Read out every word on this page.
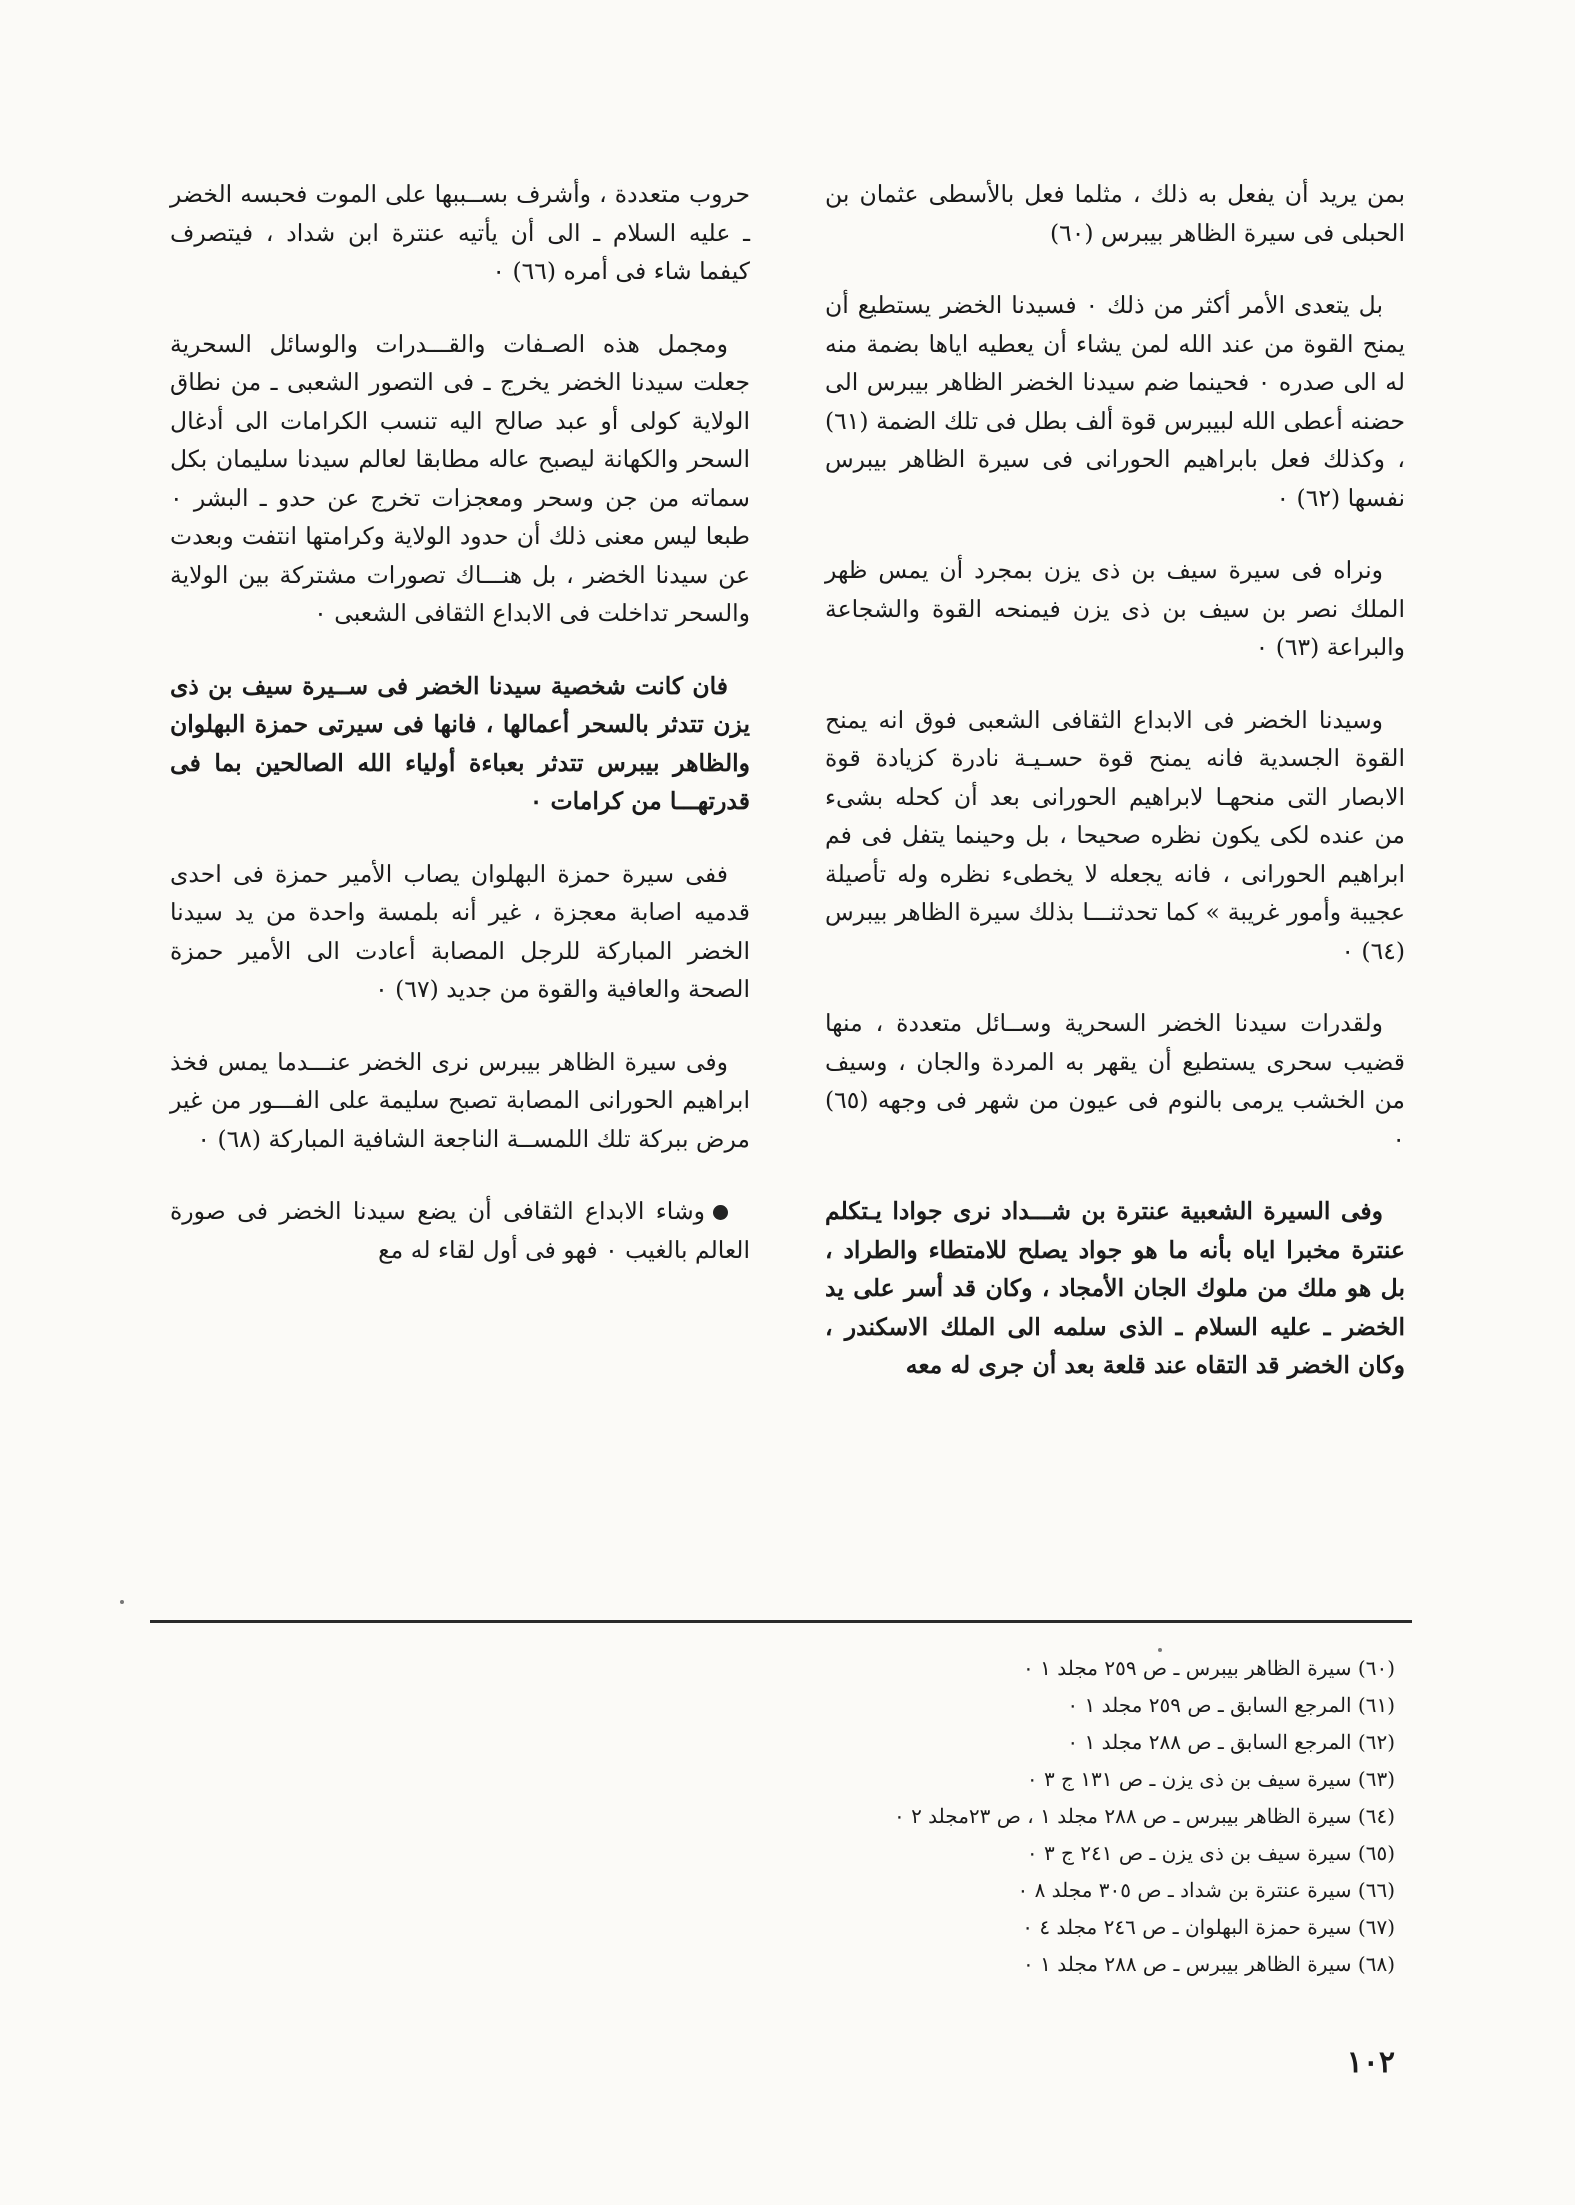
بمن يريد أن يفعل به ذلك ، مثلما فعل بالأسطى عثمان بن الحبلى فى سيرة الظاهر بيبرس (٦٠)

بل يتعدى الأمر أكثر من ذلك ٠ فسيدنا الخضر يستطيع أن يمنح القوة من عند الله لمن يشاء أن يعطيه اياها بضمة منه له الى صدره ٠ فحينما ضم سيدنا الخضر الظاهر بيبرس الى حضنه أعطى الله لبيبرس قوة ألف بطل فى تلك الضمة (٦١) ، وكذلك فعل بابراهيم الحورانى فى سيرة الظاهر بيبرس نفسها (٦٢) ٠

ونراه فى سيرة سيف بن ذى يزن بمجرد أن يمس ظهر الملك نصر بن سيف بن ذى يزن فيمنحه القوة والشجاعة والبراعة (٦٣) ٠

وسيدنا الخضر فى الابداع الثقافى الشعبى فوق انه يمنح القوة الجسدية فانه يمنح قوة حسـيـة نادرة كزيادة قوة الابصار التى منحهـا لابراهيم الحورانى بعد أن كحله بشىء من عنده لكى يكون نظره صحيحا ، بل وحينما يتفل فى فم ابراهيم الحورانى ، فانه يجعله لا يخطىء نظره وله تأصيلة عجيبة وأمور غريبة » كما تحدثنـــا بذلك سيرة الظاهر بيبرس (٦٤) ٠

ولقدرات سيدنا الخضر السحرية وســائل متعددة ، منها قضيب سحرى يستطيع أن يقهر به المردة والجان ، وسيف من الخشب يرمى بالنوم فى عيون من شهر فى وجهه (٦٥) ٠

وفى السيرة الشعبية عنترة بن شـــداد نرى جوادا يـتكلم عنترة مخبرا اياه بأنه ما هو جواد يصلح للامتطاء والطراد ، بل هو ملك من ملوك الجان الأمجاد ، وكان قد أسر على يد الخضر ـ عليه السلام ـ الذى سلمه الى الملك الاسكندر ، وكان الخضر قد التقاه عند قلعة بعد أن جرى له معه

حروب متعددة ، وأشرف بســببها على الموت فحبسه الخضر ـ عليه السلام ـ الى أن يأتيه عنترة ابن شداد ، فيتصرف كيفما شاء فى أمره (٦٦) ٠

ومجمل هذه الصـفات والقـــدرات والوسائل السحرية جعلت سيدنا الخضر يخرج ـ فى التصور الشعبى ـ من نطاق الولاية كولى أو عبد صالح اليه تنسب الكرامات الى أدغال السحر والكهانة ليصبح عاله مطابقا لعالم سيدنا سليمان بكل سماته من جن وسحر ومعجزات تخرج عن حدو ـ البشر ٠ طبعا ليس معنى ذلك أن حدود الولاية وكرامتها انتفت وبعدت عن سيدنا الخضر ، بل هنـــاك تصورات مشتركة بين الولاية والسحر تداخلت فى الابداع الثقافى الشعبى ٠

فان كانت شخصية سيدنا الخضر فى ســيرة سيف بن ذى يزن تتدثر بالسحر أعمالها ، فانها فى سيرتى حمزة البهلوان والظاهر بيبرس تتدثر بعباءة أولياء الله الصالحين بما فى قدرتهـــا من كرامات ٠

ففى سيرة حمزة البهلوان يصاب الأمير حمزة فى احدى قدميه اصابة معجزة ، غير أنه بلمسة واحدة من يد سيدنا الخضر المباركة للرجل المصابة أعادت الى الأمير حمزة الصحة والعافية والقوة من جديد (٦٧) ٠

وفى سيرة الظاهر بيبرس نرى الخضر عنـــدما يمس فخذ ابراهيم الحورانى المصابة تصبح سليمة على الفـــور من غير مرض ببركة تلك اللمســة الناجعة الشافية المباركة (٦٨) ٠

وشاء الابداع الثقافى أن يضع سيدنا الخضر فى صورة العالم بالغيب ٠ فهو فى أول لقاء له مع

(٦٠) سيرة الظاهر بيبرس ـ ص ٢٥٩ مجلد ١ ٠
(٦١) المرجع السابق ـ ص ٢٥٩ مجلد ١ ٠
(٦٢) المرجع السابق ـ ص ٢٨٨ مجلد ١ ٠
(٦٣) سيرة سيف بن ذى يزن ـ ص ١٣١ ج ٣ ٠
(٦٤) سيرة الظاهر بيبرس ـ ص ٢٨٨ مجلد ١ ، ص ٢٣مجلد ٢ ٠
(٦٥) سيرة سيف بن ذى يزن ـ ص ٢٤١ ج ٣ ٠
(٦٦) سيرة عنترة بن شداد ـ ص ٣٠٥ مجلد ٨ ٠
(٦٧) سيرة حمزة البهلوان ـ ص ٢٤٦ مجلد ٤ ٠
(٦٨) سيرة الظاهر بيبرس ـ ص ٢٨٨ مجلد ١ ٠
١٠٢
